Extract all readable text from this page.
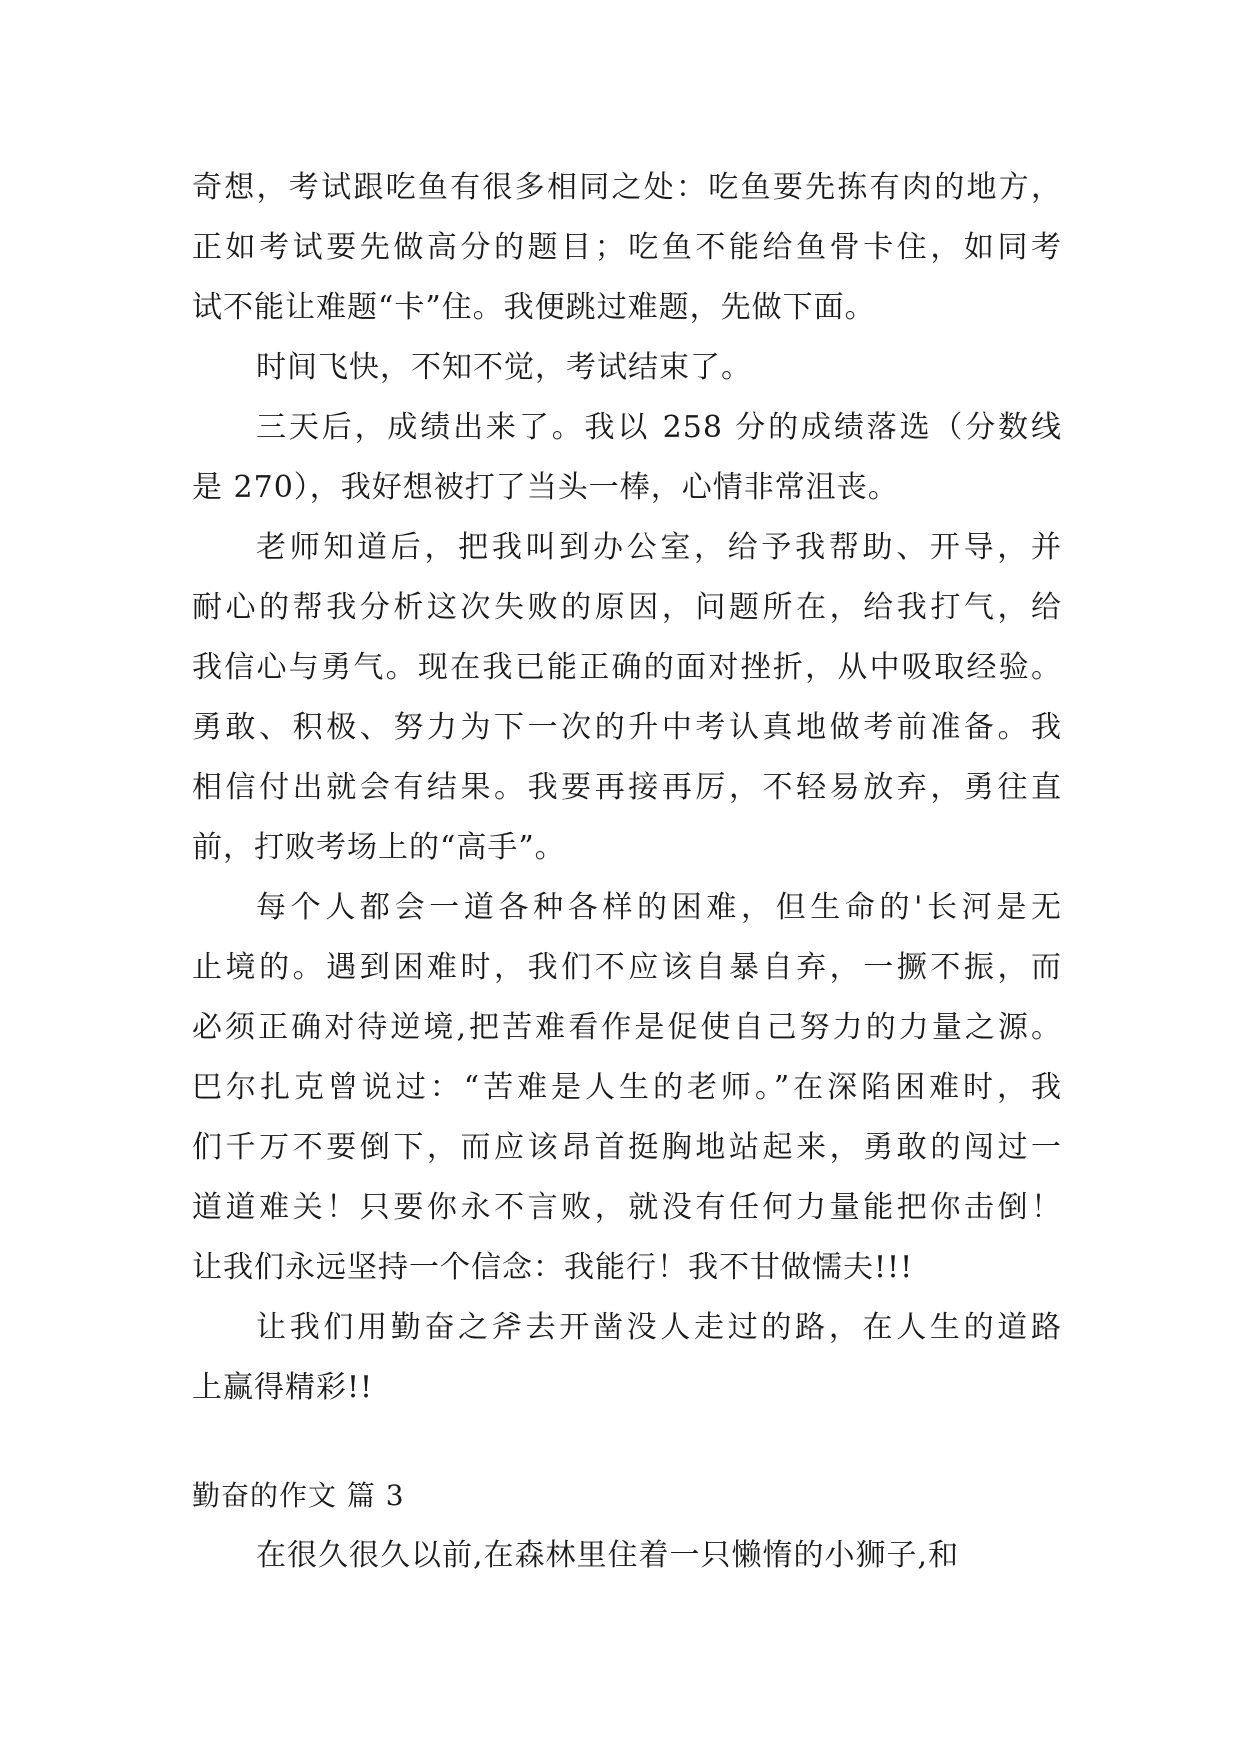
奇想，考试跟吃鱼有很多相同之处：吃鱼要先拣有肉的地方，
正如考试要先做高分的题目；吃鱼不能给鱼骨卡住，如同考
试不能让难题“卡”住。我便跳过难题，先做下面。
时间飞快，不知不觉，考试结束了。
三天后，成绩出来了。我以 258 分的成绩落选（分数线
是 270），我好想被打了当头一棒，心情非常沮丧。
老师知道后，把我叫到办公室，给予我帮助、开导，并
耐心的帮我分析这次失败的原因，问题所在，给我打气，给
我信心与勇气。现在我已能正确的面对挫折，从中吸取经验。
勇敢、积极、努力为下一次的升中考认真地做考前准备。我
相信付出就会有结果。我要再接再厉，不轻易放弃，勇往直
前，打败考场上的“高手”。
每个人都会一道各种各样的困难，但生命的'长河是无
止境的。遇到困难时，我们不应该自暴自弃，一撅不振，而
必须正确对待逆境,把苦难看作是促使自己努力的力量之源。
巴尔扎克曾说过：“苦难是人生的老师。”在深陷困难时，我
们千万不要倒下，而应该昂首挺胸地站起来，勇敢的闯过一
道道难关！只要你永不言败，就没有任何力量能把你击倒！
让我们永远坚持一个信念：我能行！我不甘做懦夫!!!
让我们用勤奋之斧去开凿没人走过的路，在人生的道路
上赢得精彩!!
勤奋的作文 篇 3
在很久很久以前,在森林里住着一只懒惰的小狮子,和
